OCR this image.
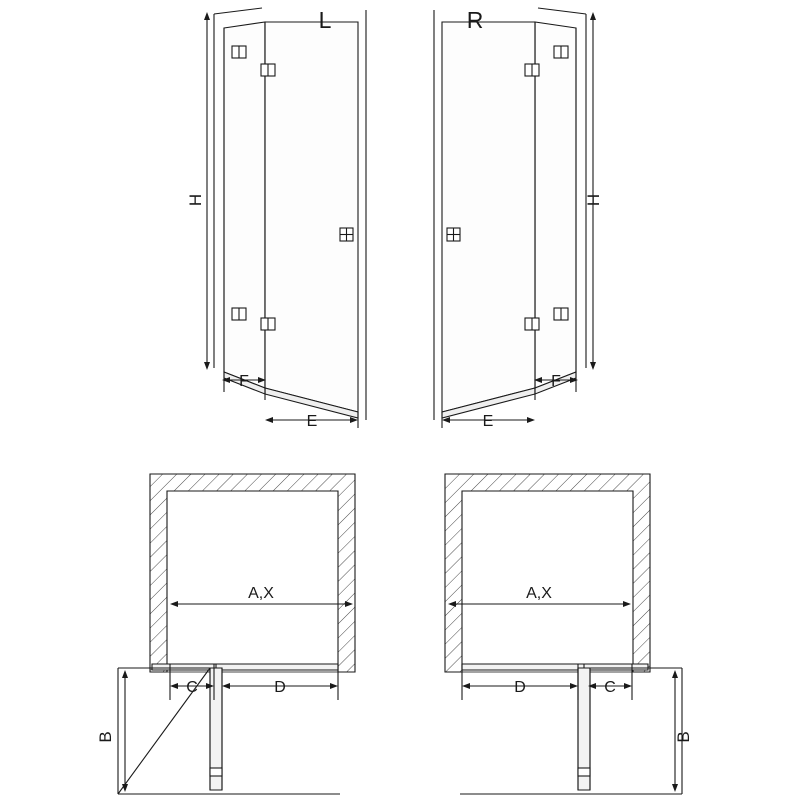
L	R
H	H
F
E
F
E
A,X	A,X
C	D	D	C
B	B
